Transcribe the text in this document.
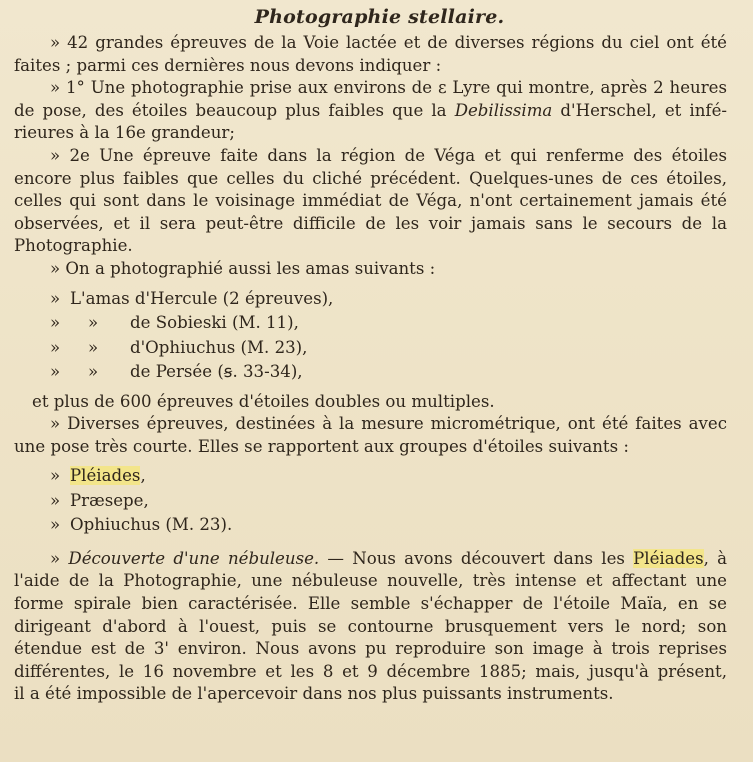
Photographie stellaire.
» 42 grandes épreuves de la Voie lactée et de diverses régions du ciel ont été
faites ; parmi ces dernières nous devons indiquer :
» 1° Une photographie prise aux environs de ε Lyre qui montre, après 2 heures
de pose, des étoiles beaucoup plus faibles que la Debilissima d'Herschel, et infé-
rieures à la 16e grandeur;
» 2e Une épreuve faite dans la région de Véga et qui renferme des étoiles
encore plus faibles que celles du cliché précédent. Quelques-unes de ces étoiles,
celles qui sont dans le voisinage immédiat de Véga, n'ont certainement jamais été
observées, et il sera peut-être difficile de les voir jamais sans le secours de la
Photographie.
» On a photographié aussi les amas suivants :
» L'amas d'Hercule (2 épreuves),
»	»	de Sobieski (M. 11),
»	»	d'Ophiuchus (M. 23),
»	»	de Persée (ꞩ. 33-34),
et plus de 600 épreuves d'étoiles doubles ou multiples.
» Diverses épreuves, destinées à la mesure micrométrique, ont été faites avec
une pose très courte. Elles se rapportent aux groupes d'étoiles suivants :
» Pléiades,
» Præsepe,
» Ophiuchus (M. 23).
» Découverte d'une nébuleuse. — Nous avons découvert dans les Pléiades, à
l'aide de la Photographie, une nébuleuse nouvelle, très intense et affectant une
forme spirale bien caractérisée. Elle semble s'échapper de l'étoile Maïa, en se
dirigeant d'abord à l'ouest, puis se contourne brusquement vers le nord; son
étendue est de 3' environ. Nous avons pu reproduire son image à trois reprises
différentes, le 16 novembre et les 8 et 9 décembre 1885; mais, jusqu'à présent,
il a été impossible de l'apercevoir dans nos plus puissants instruments.
